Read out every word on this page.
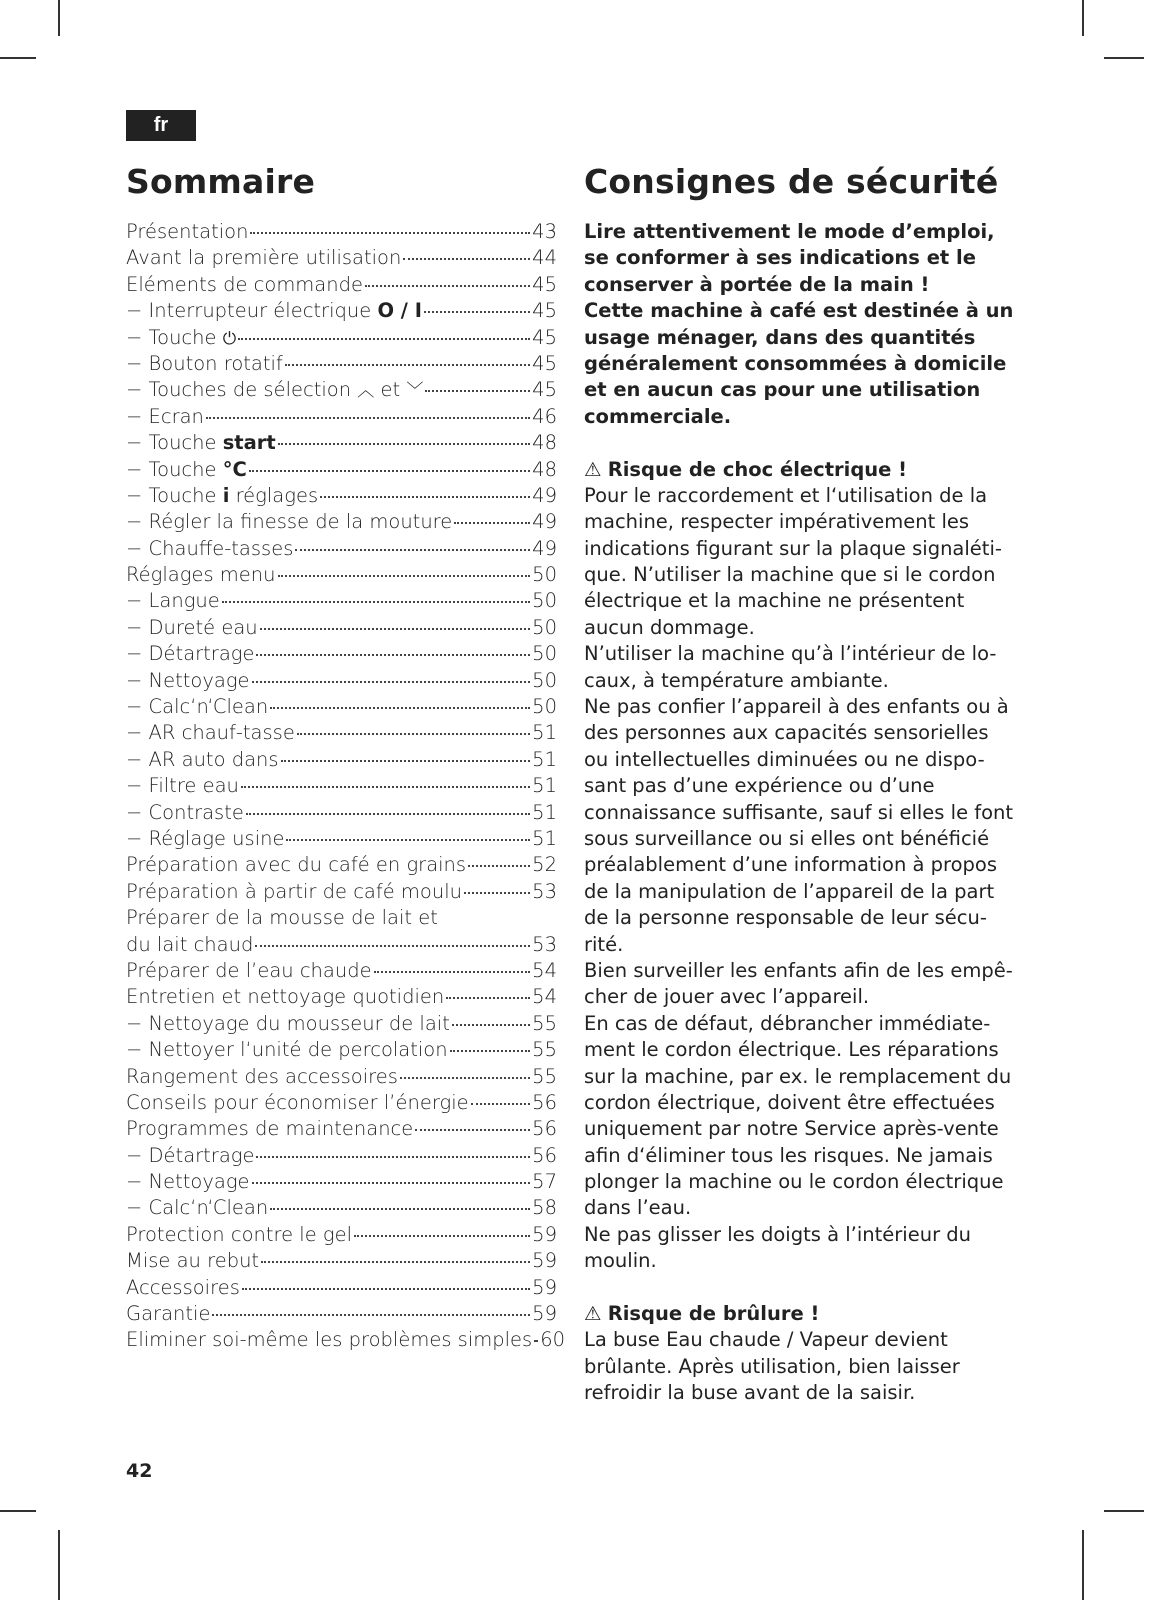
fr
Sommaire
Présentation	43
Avant la première utilisation	44
Eléments de commande	45
− Interrupteur électrique O / I	45
− Touche ⏻	45
− Bouton rotatif	45
− Touches de sélection ︿ et ﹀	45
− Ecran	46
− Touche start	48
− Touche °C	48
− Touche i réglages	49
− Régler la finesse de la mouture	49
− Chauffe-tasses	49
Réglages menu	50
− Langue	50
− Dureté eau	50
− Détartrage	50
− Nettoyage	50
− Calc‘n‘Clean	50
− AR chauf-tasse	51
− AR auto dans	51
− Filtre eau	51
− Contraste	51
− Réglage usine	51
Préparation avec du café en grains	52
Préparation à partir de café moulu	53
Préparer de la mousse de lait et
du lait chaud	53
Préparer de l’eau chaude	54
Entretien et nettoyage quotidien	54
− Nettoyage du mousseur de lait	55
− Nettoyer l‘unité de percolation	55
Rangement des accessoires	55
Conseils pour économiser l’énergie	56
Programmes de maintenance	56
− Détartrage	56
− Nettoyage	57
− Calc‘n‘Clean	58
Protection contre le gel	59
Mise au rebut	59
Accessoires	59
Garantie	59
Eliminer soi-même les problèmes simples 60
Consignes de sécurité
Lire attentivement le mode d’emploi,
se conformer à ses indications et le
conserver à portée de la main !
Cette machine à café est destinée à un
usage ménager, dans des quantités
généralement consommées à domicile
et en aucun cas pour une utilisation
commerciale.
⚠ Risque de choc électrique !
Pour le raccordement et l‘utilisation de la
machine, respecter impérativement les
indications figurant sur la plaque signaléti-
que. N’utiliser la machine que si le cordon
électrique et la machine ne présentent
aucun dommage.
N’utiliser la machine qu’à l’intérieur de lo-
caux, à température ambiante.
Ne pas confier l’appareil à des enfants ou à
des personnes aux capacités sensorielles
ou intellectuelles diminuées ou ne dispo-
sant pas d’une expérience ou d’une
connaissance suffisante, sauf si elles le font
sous surveillance ou si elles ont bénéficié
préalablement d’une information à propos
de la manipulation de l’appareil de la part
de la personne responsable de leur sécu-
rité.
Bien surveiller les enfants afin de les empê-
cher de jouer avec l’appareil.
En cas de défaut, débrancher immédiate-
ment le cordon électrique. Les réparations
sur la machine, par ex. le remplacement du
cordon électrique, doivent être effectuées
uniquement par notre Service après-vente
afin d‘éliminer tous les risques. Ne jamais
plonger la machine ou le cordon électrique
dans l’eau.
Ne pas glisser les doigts à l’intérieur du
moulin.
⚠ Risque de brûlure !
La buse Eau chaude / Vapeur devient
brûlante. Après utilisation, bien laisser
refroidir la buse avant de la saisir.
42
